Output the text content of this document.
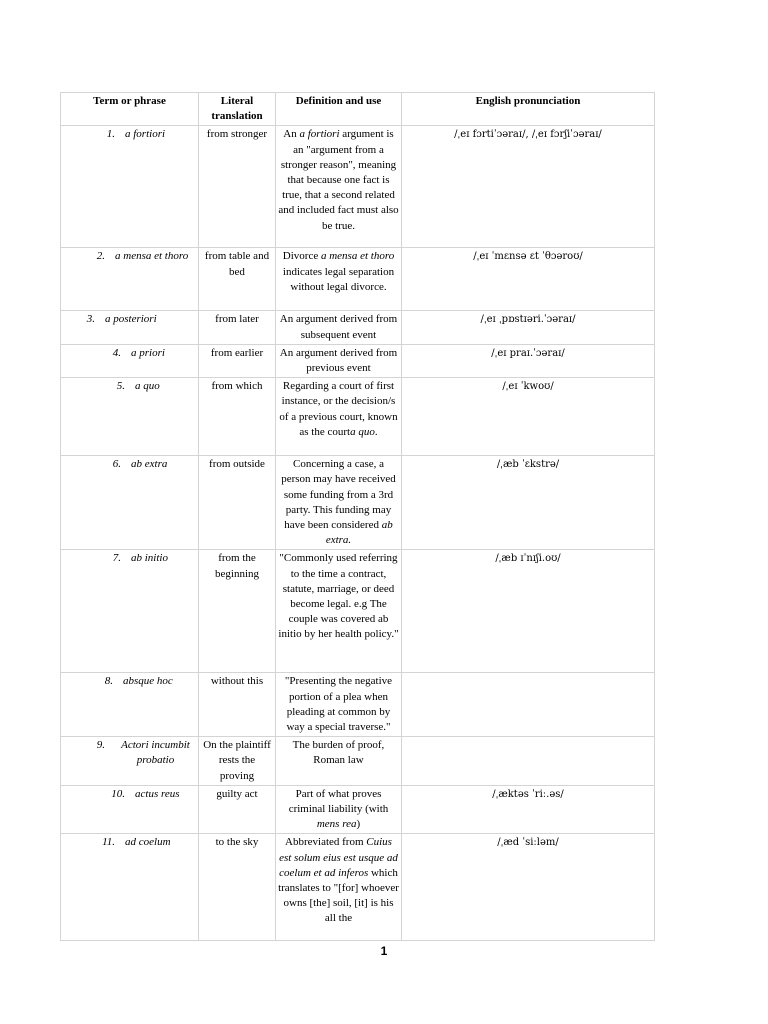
Term or phrase	Literal translation	Definition and use	English pronunciation

1. a fortiori	from stronger	An a fortiori argument is an "argument from a stronger reason", meaning that because one fact is true, that a second related and included fact must also be true.	/ˌeɪ fɔrtiˈɔəraɪ/, /ˌeɪ fɔrʃiˈɔəraɪ/

2. a mensa et thoro	from table and bed	Divorce a mensa et thoro indicates legal separation without legal divorce.	/ˌeɪ ˈmɛnsə ɛt ˈθɔəroʊ/

3. a posteriori	from later	An argument derived from subsequent event	/ˌeɪ ˌpɒstɪəri.ˈɔəraɪ/

4. a priori	from earlier	An argument derived from previous event	/ˌeɪ praɪ.ˈɔəraɪ/

5. a quo	from which	Regarding a court of first instance, or the decision/s of a previous court, known as the courta quo.	/ˌeɪ ˈkwoʊ/

6. ab extra	from outside	Concerning a case, a person may have received some funding from a 3rd party. This funding may have been considered ab extra.	/ˌæb ˈɛkstrə/

7. ab initio	from the beginning	"Commonly used referring to the time a contract, statute, marriage, or deed become legal. e.g The couple was covered ab initio by her health policy."	/ˌæb ɪˈnɪʃi.oʊ/

8. absque hoc	without this	"Presenting the negative portion of a plea when pleading at common by way a special traverse."	

9. Actori incumbit probatio	On the plaintiff rests the proving	The burden of proof, Roman law	

10. actus reus	guilty act	Part of what proves criminal liability (with mens rea)	/ˌæktəs ˈriː.əs/

11. ad coelum	to the sky	Abbreviated from Cuius est solum eius est usque ad coelum et ad inferos which translates to "[for] whoever owns [the] soil, [it] is his all the	/ˌæd ˈsiːləm/
1
